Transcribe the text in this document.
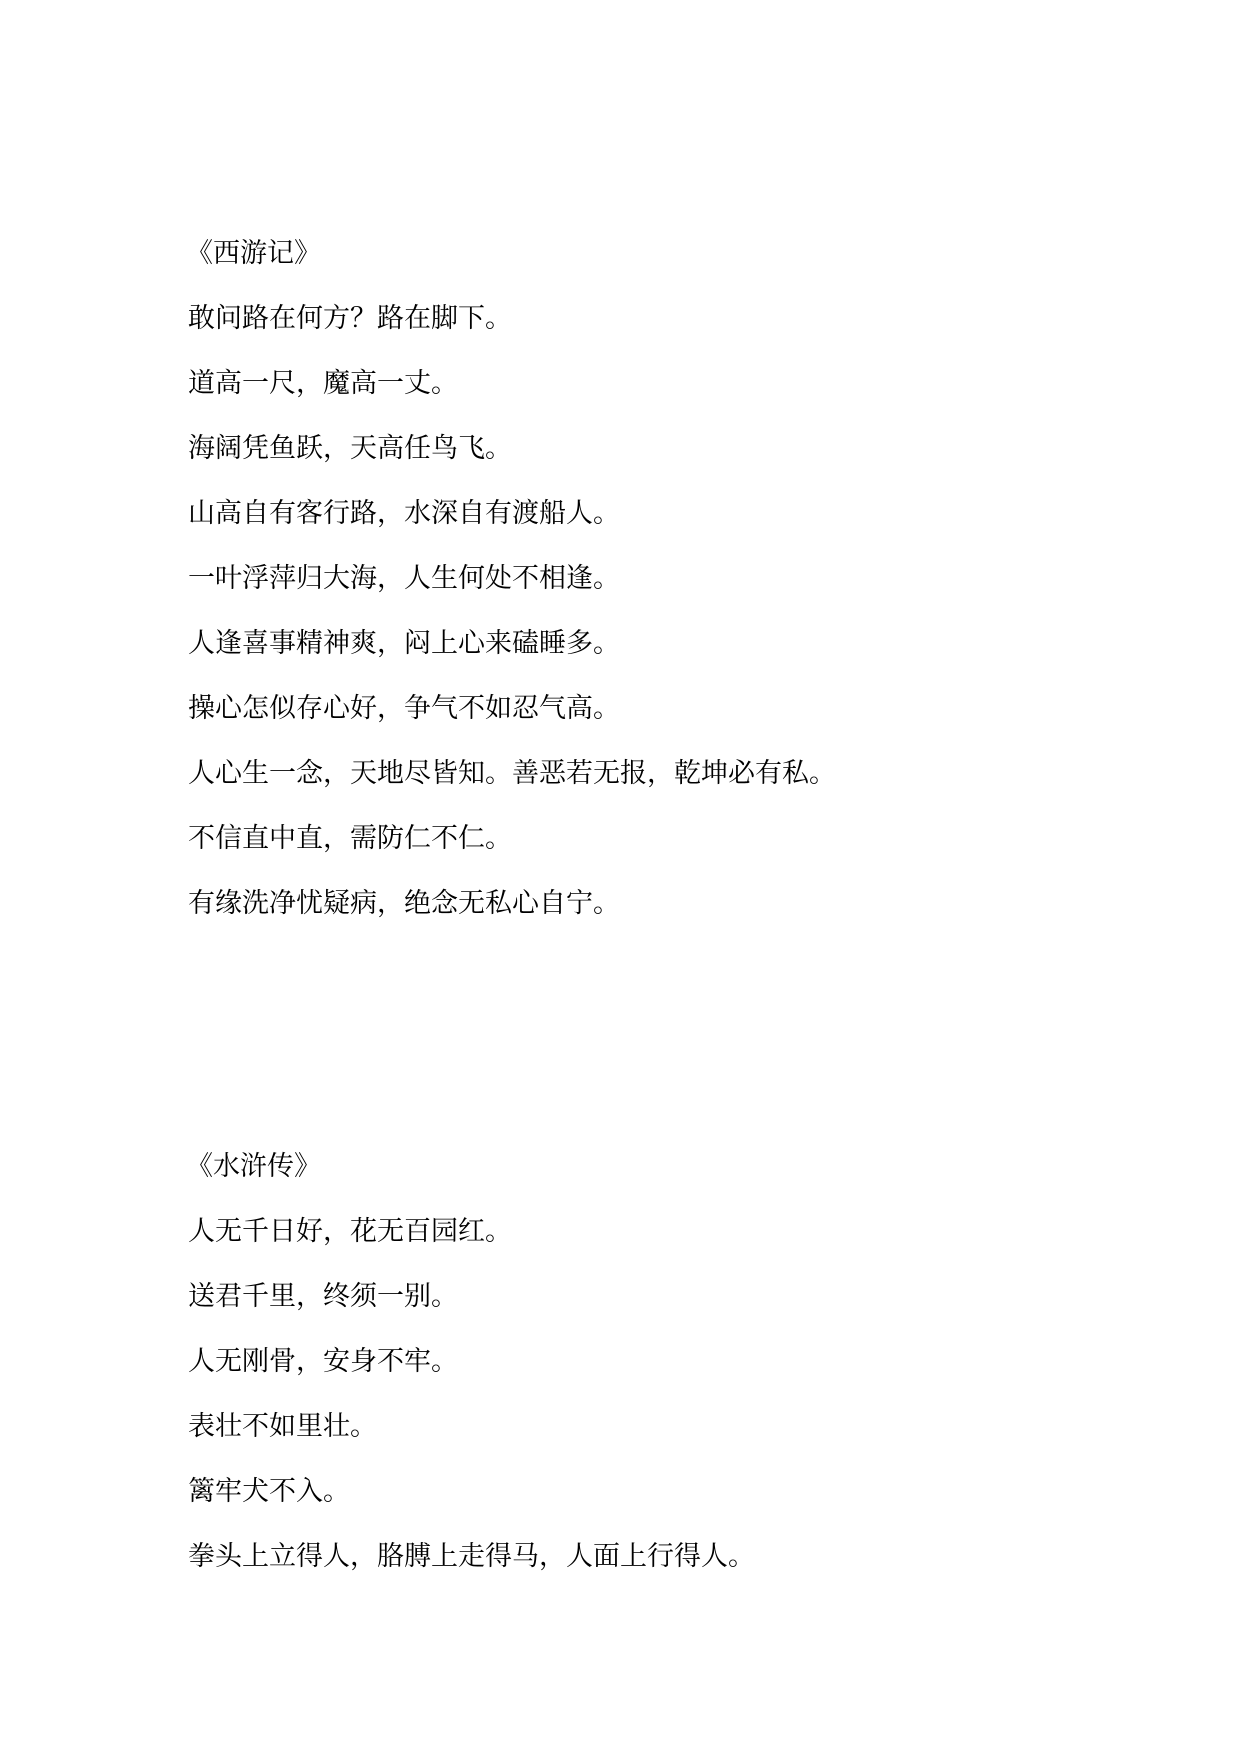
《西游记》
敢问路在何方？路在脚下。
道高一尺，魔高一丈。
海阔凭鱼跃，天高任鸟飞。
山高自有客行路，水深自有渡船人。
一叶浮萍归大海，人生何处不相逢。
人逢喜事精神爽，闷上心来磕睡多。
操心怎似存心好，争气不如忍气高。
人心生一念，天地尽皆知。善恶若无报，乾坤必有私。
不信直中直，需防仁不仁。
有缘洗净忧疑病，绝念无私心自宁。
《水浒传》
人无千日好，花无百园红。
送君千里，终须一别。
人无刚骨，安身不牢。
表壮不如里壮。
篱牢犬不入。
拳头上立得人，胳膊上走得马，人面上行得人。
